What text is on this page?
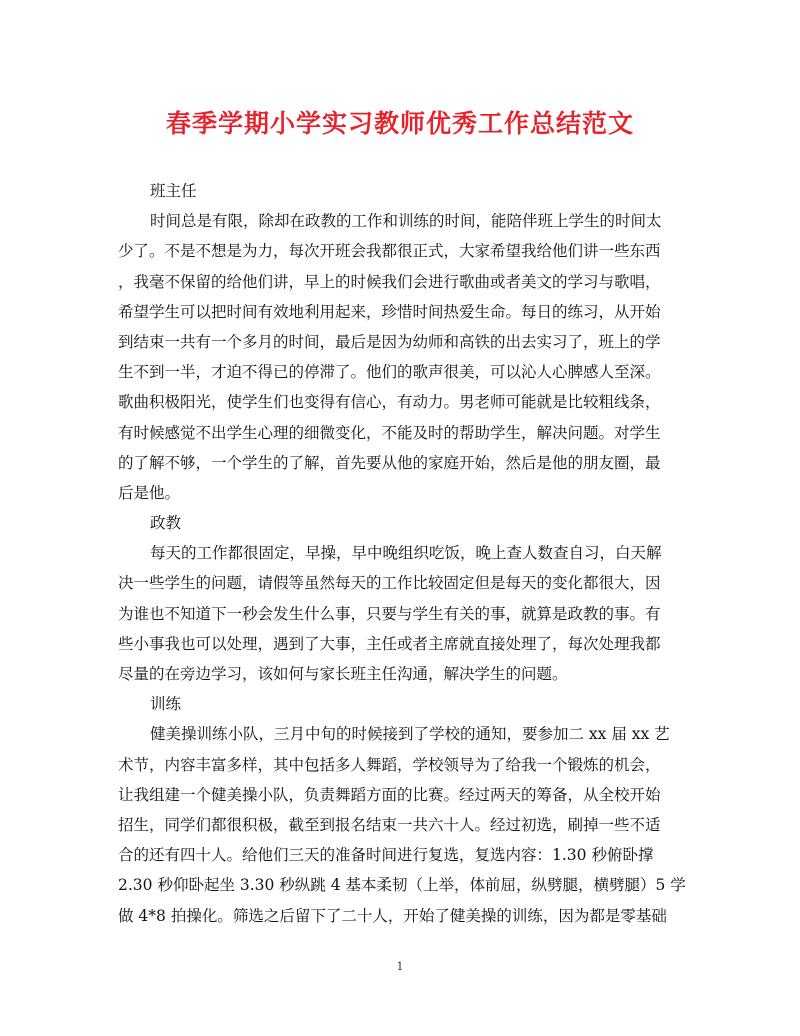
春季学期小学实习教师优秀工作总结范文
班主任
时间总是有限，除却在政教的工作和训练的时间，能陪伴班上学生的时间太
少了。不是不想是为力，每次开班会我都很正式，大家希望我给他们讲一些东西
，我毫不保留的给他们讲，早上的时候我们会进行歌曲或者美文的学习与歌唱，
希望学生可以把时间有效地利用起来，珍惜时间热爱生命。每日的练习，从开始
到结束一共有一个多月的时间，最后是因为幼师和高铁的出去实习了，班上的学
生不到一半，才迫不得已的停滞了。他们的歌声很美，可以沁人心脾感人至深。
歌曲积极阳光，使学生们也变得有信心，有动力。男老师可能就是比较粗线条，
有时候感觉不出学生心理的细微变化，不能及时的帮助学生，解决问题。对学生
的了解不够，一个学生的了解，首先要从他的家庭开始，然后是他的朋友圈，最
后是他。
政教
每天的工作都很固定，早操，早中晚组织吃饭，晚上查人数查自习，白天解
决一些学生的问题，请假等虽然每天的工作比较固定但是每天的变化都很大，因
为谁也不知道下一秒会发生什么事，只要与学生有关的事，就算是政教的事。有
些小事我也可以处理，遇到了大事，主任或者主席就直接处理了，每次处理我都
尽量的在旁边学习，该如何与家长班主任沟通，解决学生的问题。
训练
健美操训练小队，三月中旬的时候接到了学校的通知，要参加二 xx 届 xx 艺
术节，内容丰富多样，其中包括多人舞蹈，学校领导为了给我一个锻炼的机会，
让我组建一个健美操小队，负责舞蹈方面的比赛。经过两天的筹备，从全校开始
招生，同学们都很积极，截至到报名结束一共六十人。经过初选，刷掉一些不适
合的还有四十人。给他们三天的准备时间进行复选，复选内容：1.30 秒俯卧撑
2.30 秒仰卧起坐 3.30 秒纵跳 4 基本柔韧（上举，体前屈，纵劈腿，横劈腿）5 学
做 4*8 拍操化。筛选之后留下了二十人，开始了健美操的训练，因为都是零基础
1
